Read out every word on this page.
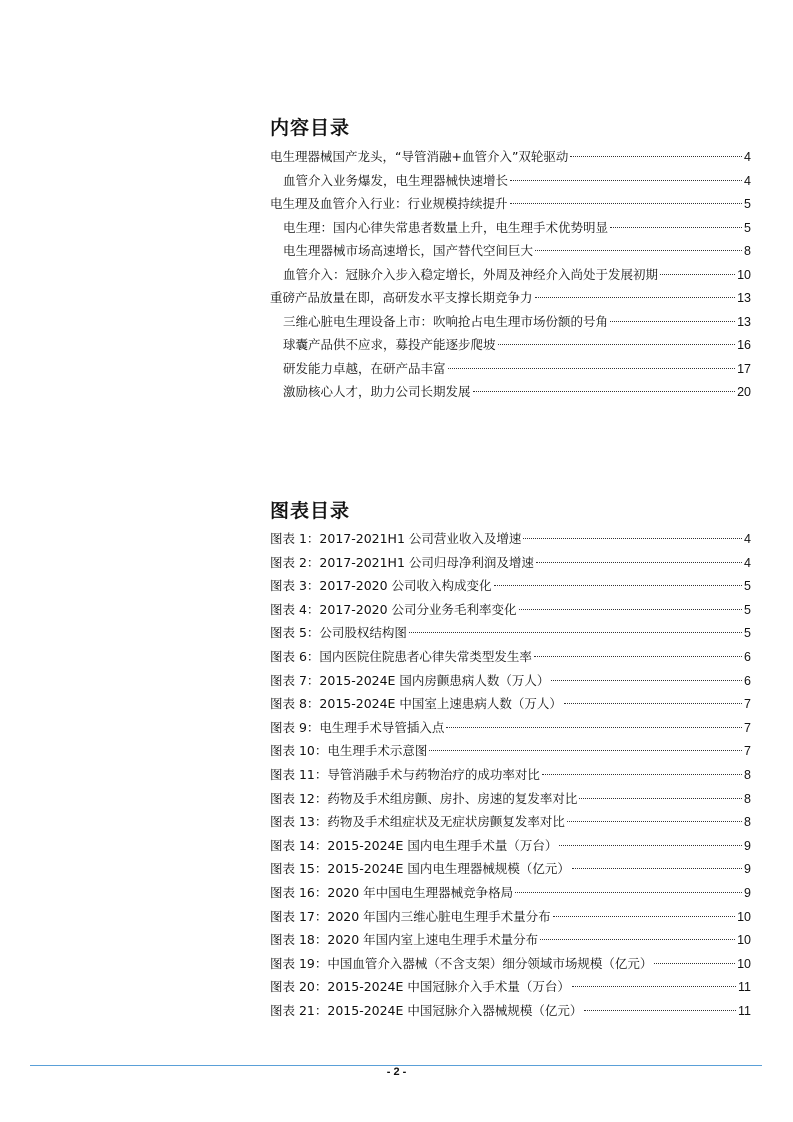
内容目录
电生理器械国产龙头，“导管消融+血管介入”双轮驱动	4
血管介入业务爆发，电生理器械快速增长	4
电生理及血管介入行业：行业规模持续提升	5
电生理：国内心律失常患者数量上升，电生理手术优势明显	5
电生理器械市场高速增长，国产替代空间巨大	8
血管介入：冠脉介入步入稳定增长，外周及神经介入尚处于发展初期	10
重磅产品放量在即，高研发水平支撑长期竞争力	13
三维心脏电生理设备上市：吹响抢占电生理市场份额的号角	13
球囊产品供不应求，募投产能逐步爬坡	16
研发能力卓越，在研产品丰富	17
激励核心人才，助力公司长期发展	20
图表目录
图表 1：2017-2021H1 公司营业收入及增速	4
图表 2：2017-2021H1 公司归母净利润及增速	4
图表 3：2017-2020 公司收入构成变化	5
图表 4：2017-2020 公司分业务毛利率变化	5
图表 5：公司股权结构图	5
图表 6：国内医院住院患者心律失常类型发生率	6
图表 7：2015-2024E 国内房颤患病人数（万人）	6
图表 8：2015-2024E 中国室上速患病人数（万人）	7
图表 9：电生理手术导管插入点	7
图表 10：电生理手术示意图	7
图表 11：导管消融手术与药物治疗的成功率对比	8
图表 12：药物及手术组房颤、房扑、房速的复发率对比	8
图表 13：药物及手术组症状及无症状房颤复发率对比	8
图表 14：2015-2024E 国内电生理手术量（万台）	9
图表 15：2015-2024E 国内电生理器械规模（亿元）	9
图表 16：2020 年中国电生理器械竞争格局	9
图表 17：2020 年国内三维心脏电生理手术量分布	10
图表 18：2020 年国内室上速电生理手术量分布	10
图表 19：中国血管介入器械（不含支架）细分领域市场规模（亿元）	10
图表 20：2015-2024E 中国冠脉介入手术量（万台）	11
图表 21：2015-2024E 中国冠脉介入器械规模（亿元）	11
- 2 -
